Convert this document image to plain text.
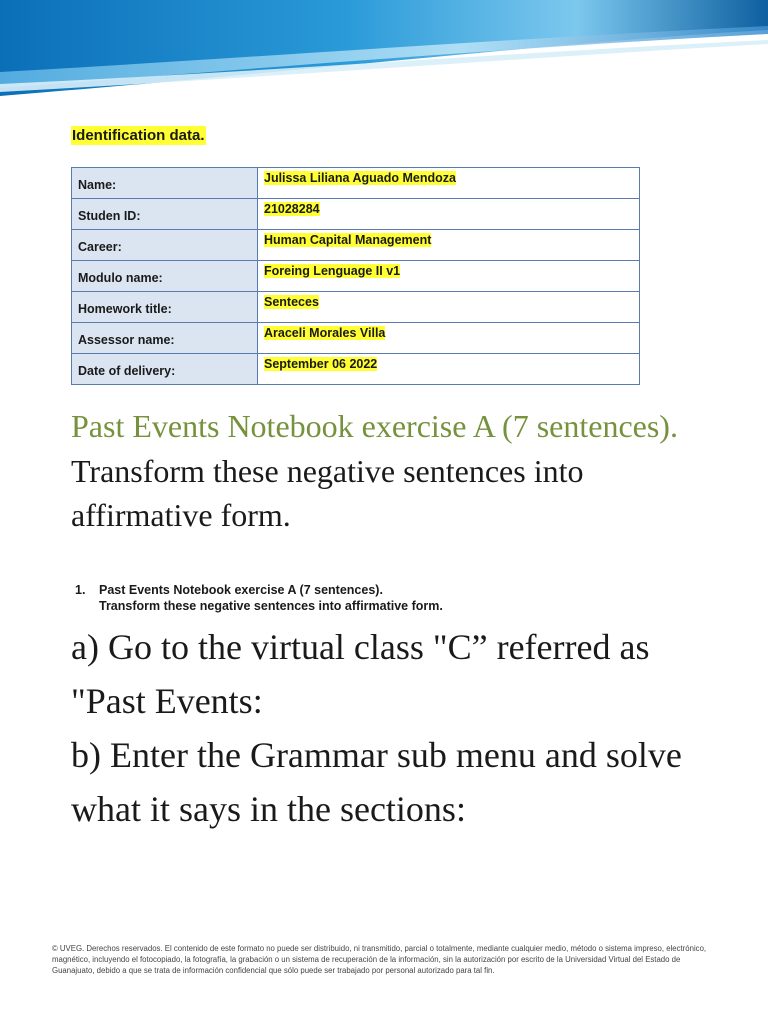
Identification data.
Name:	Julissa Liliana Aguado Mendoza
Studen ID:	21028284
Career:	Human Capital Management
Modulo name:	Foreing Lenguage II v1
Homework title:	Senteces
Assessor name:	Araceli Morales Villa
Date of delivery:	September 06 2022

Past Events Notebook exercise A (7 sentences). Transform these negative sentences into affirmative form.

1. Past Events Notebook exercise A (7 sentences).
Transform these negative sentences into affirmative form.
a) Go to the virtual class "C” referred as "Past Events:
b) Enter the Grammar sub menu and solve what it says in the sections:

© UVEG. Derechos reservados. El contenido de este formato no puede ser distribuido, ni transmitido, parcial o totalmente, mediante cualquier medio, método o sistema impreso, electrónico, magnético, incluyendo el fotocopiado, la fotografía, la grabación o un sistema de recuperación de la información, sin la autorización por escrito de la Universidad Virtual del Estado de Guanajuato, debido a que se trata de información confidencial que sólo puede ser trabajado por personal autorizado para tal fin.
